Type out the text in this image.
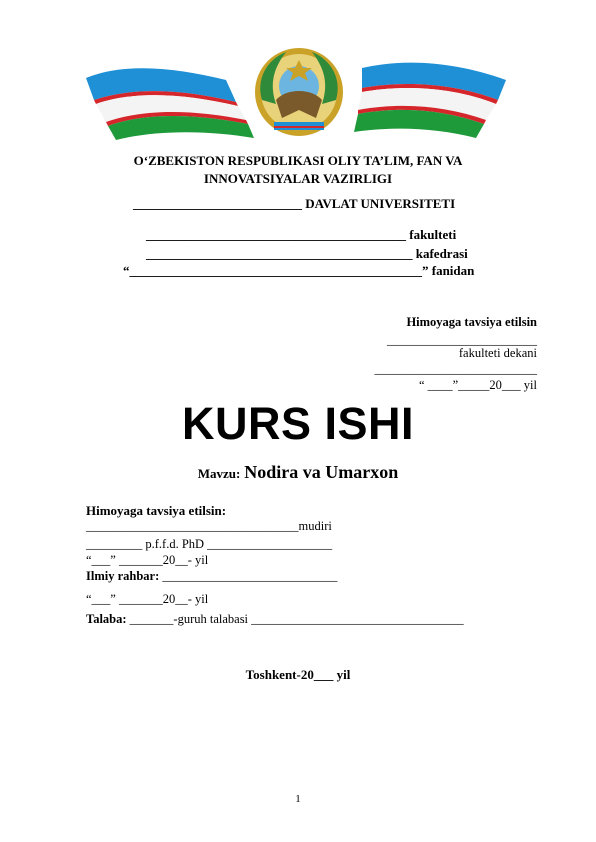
O‘ZBEKISTON RESPUBLIKASI OLIY TA’LIM, FAN VA
INNOVATSIYALAR VAZIRLIGI
__________________________ DAVLAT UNIVERSITETI
________________________________________ fakulteti
_________________________________________ kafedrasi
“_____________________________________________” fanidan
Himoyaga tavsiya etilsin
________________________
fakulteti dekani
__________________________
“ ____”_____20___ yil
KURS ISHI
Mavzu: Nodira va Umarxon
Himoyaga tavsiya etilsin:
__________________________________mudiri
_________ p.f.f.d. PhD ____________________
“___” _______20__- yil
Ilmiy rahbar: ____________________________
“___” _______20__- yil
Talaba: _______-guruh talabasi __________________________________
Toshkent-20___ yil
1
